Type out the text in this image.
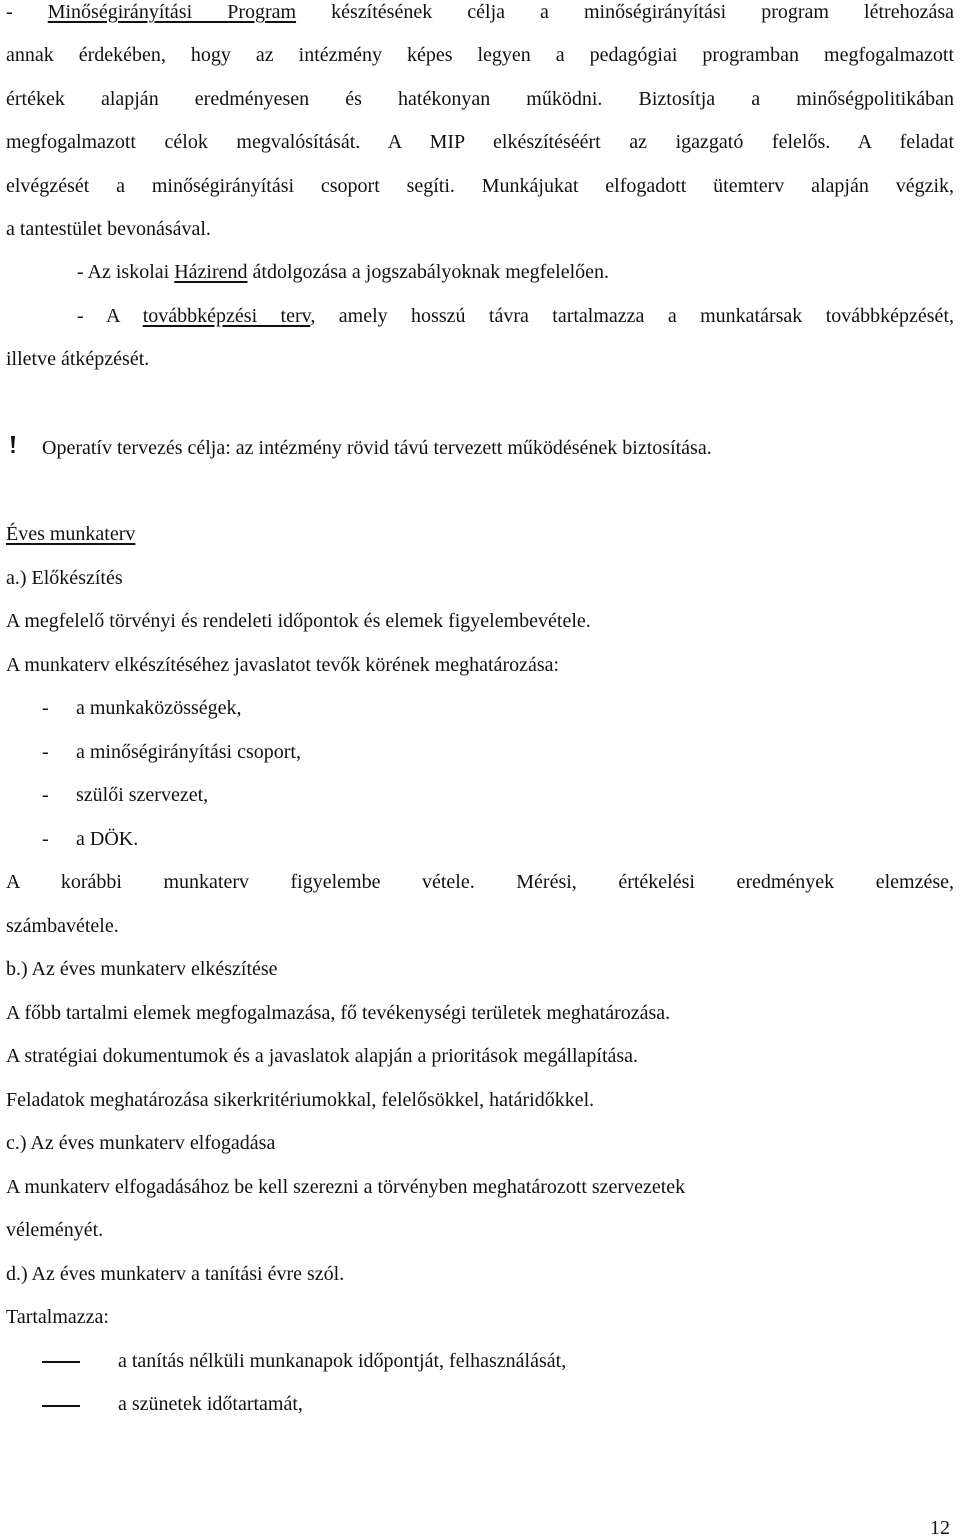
- Minőségirányítási Program készítésének célja a minőségirányítási program létrehozása
annak érdekében, hogy az intézmény képes legyen a pedagógiai programban megfogalmazott
értékek alapján eredményesen és hatékonyan működni. Biztosítja a minőségpolitikában
megfogalmazott célok megvalósítását. A MIP elkészítéséért az igazgató felelős. A feladat
elvégzését a minőségirányítási csoport segíti. Munkájukat elfogadott ütemterv alapján végzik,
a tantestület bevonásával.
- Az iskolai Házirend átdolgozása a jogszabályoknak megfelelően.
- A továbbképzési terv, amely hosszú távra tartalmazza a munkatársak továbbképzését,
illetve átképzését.
Operatív tervezés célja: az intézmény rövid távú tervezett működésének biztosítása.
Éves munkaterv
a.) Előkészítés
A megfelelő törvényi és rendeleti időpontok és elemek figyelembevétele.
A munkaterv elkészítéséhez javaslatot tevők körének meghatározása:
- a munkaközösségek,
- a minőségirányítási csoport,
- szülői szervezet,
- a DÖK.
A korábbi munkaterv figyelembe vétele. Mérési, értékelési eredmények elemzése,
számbavétele.
b.) Az éves munkaterv elkészítése
A főbb tartalmi elemek megfogalmazása, fő tevékenységi területek meghatározása.
A stratégiai dokumentumok és a javaslatok alapján a prioritások megállapítása.
Feladatok meghatározása sikerkritériumokkal, felelősökkel, határidőkkel.
c.) Az éves munkaterv elfogadása
A munkaterv elfogadásához be kell szerezni a törvényben meghatározott szervezetek
véleményét.
d.) Az éves munkaterv a tanítási évre szól.
Tartalmazza:
a tanítás nélküli munkanapok időpontját, felhasználását,
a szünetek időtartamát,
12
